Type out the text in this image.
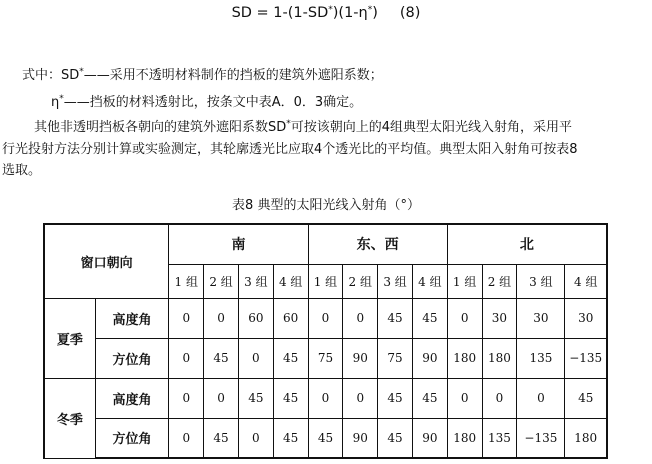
SD = 1-(1-SD*)(1-η*) (8)
式中：SD*——采用不透明材料制作的挡板的建筑外遮阳系数；
η*——挡板的材料透射比，按条文中表A．0．3确定。
其他非透明挡板各朝向的建筑外遮阳系数SD*可按该朝向上的4组典型太阳光线入射角，采用平
行光投射方法分别计算或实验测定，其轮廓透光比应取4个透光比的平均值。典型太阳入射角可按表8
选取。
表8 典型的太阳光线入射角（°）
窗口朝向		南				东、西				北			
		1 组	2 组	3 组	4 组	1 组	2 组	3 组	4 组	1 组	2 组	3 组	4 组
夏季	高度角	0	0	60	60	0	0	45	45	0	30	30	30
	方位角	0	45	0	45	75	90	75	90	180	180	135	−135
冬季	高度角	0	0	45	45	0	0	45	45	0	0	0	45
	方位角	0	45	0	45	45	90	45	90	180	135	−135	180
